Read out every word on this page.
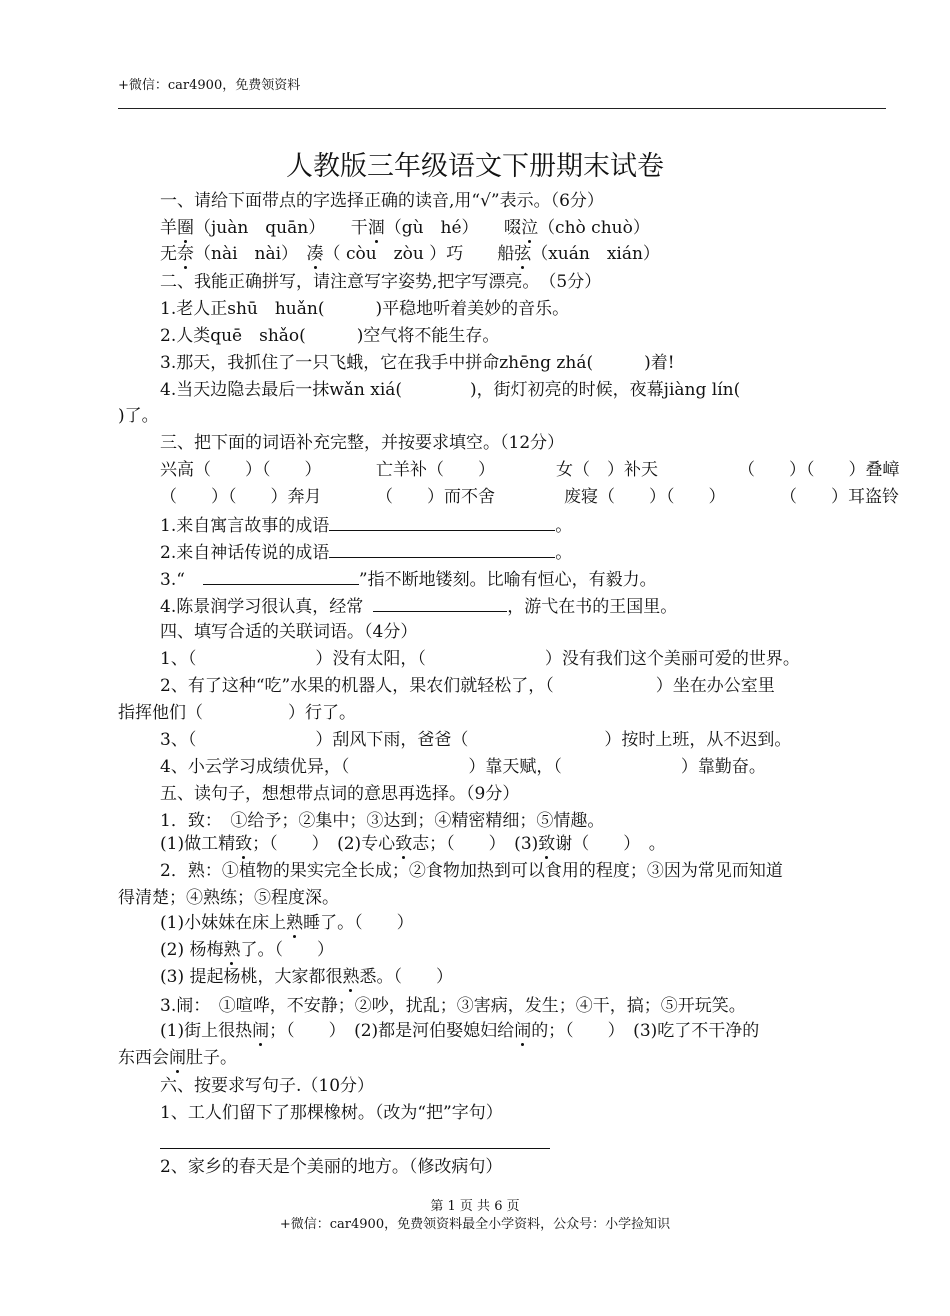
+微信：car4900，免费领资料
人教版三年级语文下册期末试卷
一、请给下面带点的字选择正确的读音,用“√”表示。（6分）
羊圈（juàn　quān）　　干涸（gù　hé）　　啜泣（chò chuò）
无奈（nài　nài）　凑（ còu　zòu ）巧　　船弦（xuán　xián）
二、我能正确拼写，请注意写字姿势,把字写漂亮。　（5分）
1.老人正shū　huǎn(　　　)平稳地听着美妙的音乐。
2.人类quē　shǎo(　　　)空气将不能生存。
3.那天，我抓住了一只飞蛾，它在我手中拼命zhēng zhá(　　　)着!
4.当天边隐去最后一抹wǎn xiá(　　　　)，街灯初亮的时候，夜幕jiàng lín(
)了。
三、把下面的词语补充完整，并按要求填空。（12分）
兴高（　　）（　　）	亡羊补（　　）	女（　）补天	（　　）（　　）叠嶂
（　　）（　　）奔月	（　　）而不舍	废寝（　　）（　　）	（　　）耳盗铃
1.来自寓言故事的成语	。
2.来自神话传说的成语	。
3.“	”指不断地镂刻。比喻有恒心，有毅力。
4.陈景润学习很认真，经常	，游弋在书的王国里。
四、填写合适的关联词语。（4分）
1、（　　　　　　　）没有太阳，（　　　　　　　）没有我们这个美丽可爱的世界。
2、有了这种“吃”水果的机器人，果农们就轻松了，（　　　　　　）坐在办公室里
指挥他们（　　　　　）行了。
3、（　　　　　　　）刮风下雨，爸爸（　　　　　　　　）按时上班，从不迟到。
4、小云学习成绩优异，（　　　　　　　）靠天赋，（　　　　　　　）靠勤奋。
五、读句子，想想带点词的意思再选择。（9分）
1．致：　①给予；②集中；③达到；④精密精细；⑤情趣。
(1)做工精致；（　　）　(2)专心致志；（　　）　(3)致谢（　　）　。
2．熟：①植物的果实完全长成；②食物加热到可以食用的程度；③因为常见而知道
得清楚；④熟练；⑤程度深。
(1)小妹妹在床上熟睡了。（　　）
(2) 杨梅熟了。（　　）
(3) 提起杨桃，大家都很熟悉。（　　）
3.闹：　①喧哗，不安静；②吵，扰乱；③害病，发生；④干，搞；⑤开玩笑。
(1)街上很热闹；（　　）　(2)都是河伯娶媳妇给闹的；（　　）　(3)吃了不干净的
东西会闹肚子。
六、按要求写句子.（10分）
1、工人们留下了那棵橡树。（改为“把”字句）
2、家乡的春天是个美丽的地方。（修改病句）
第 1 页 共 6 页
+微信：car4900，免费领资料最全小学资料，公众号：小学捡知识
